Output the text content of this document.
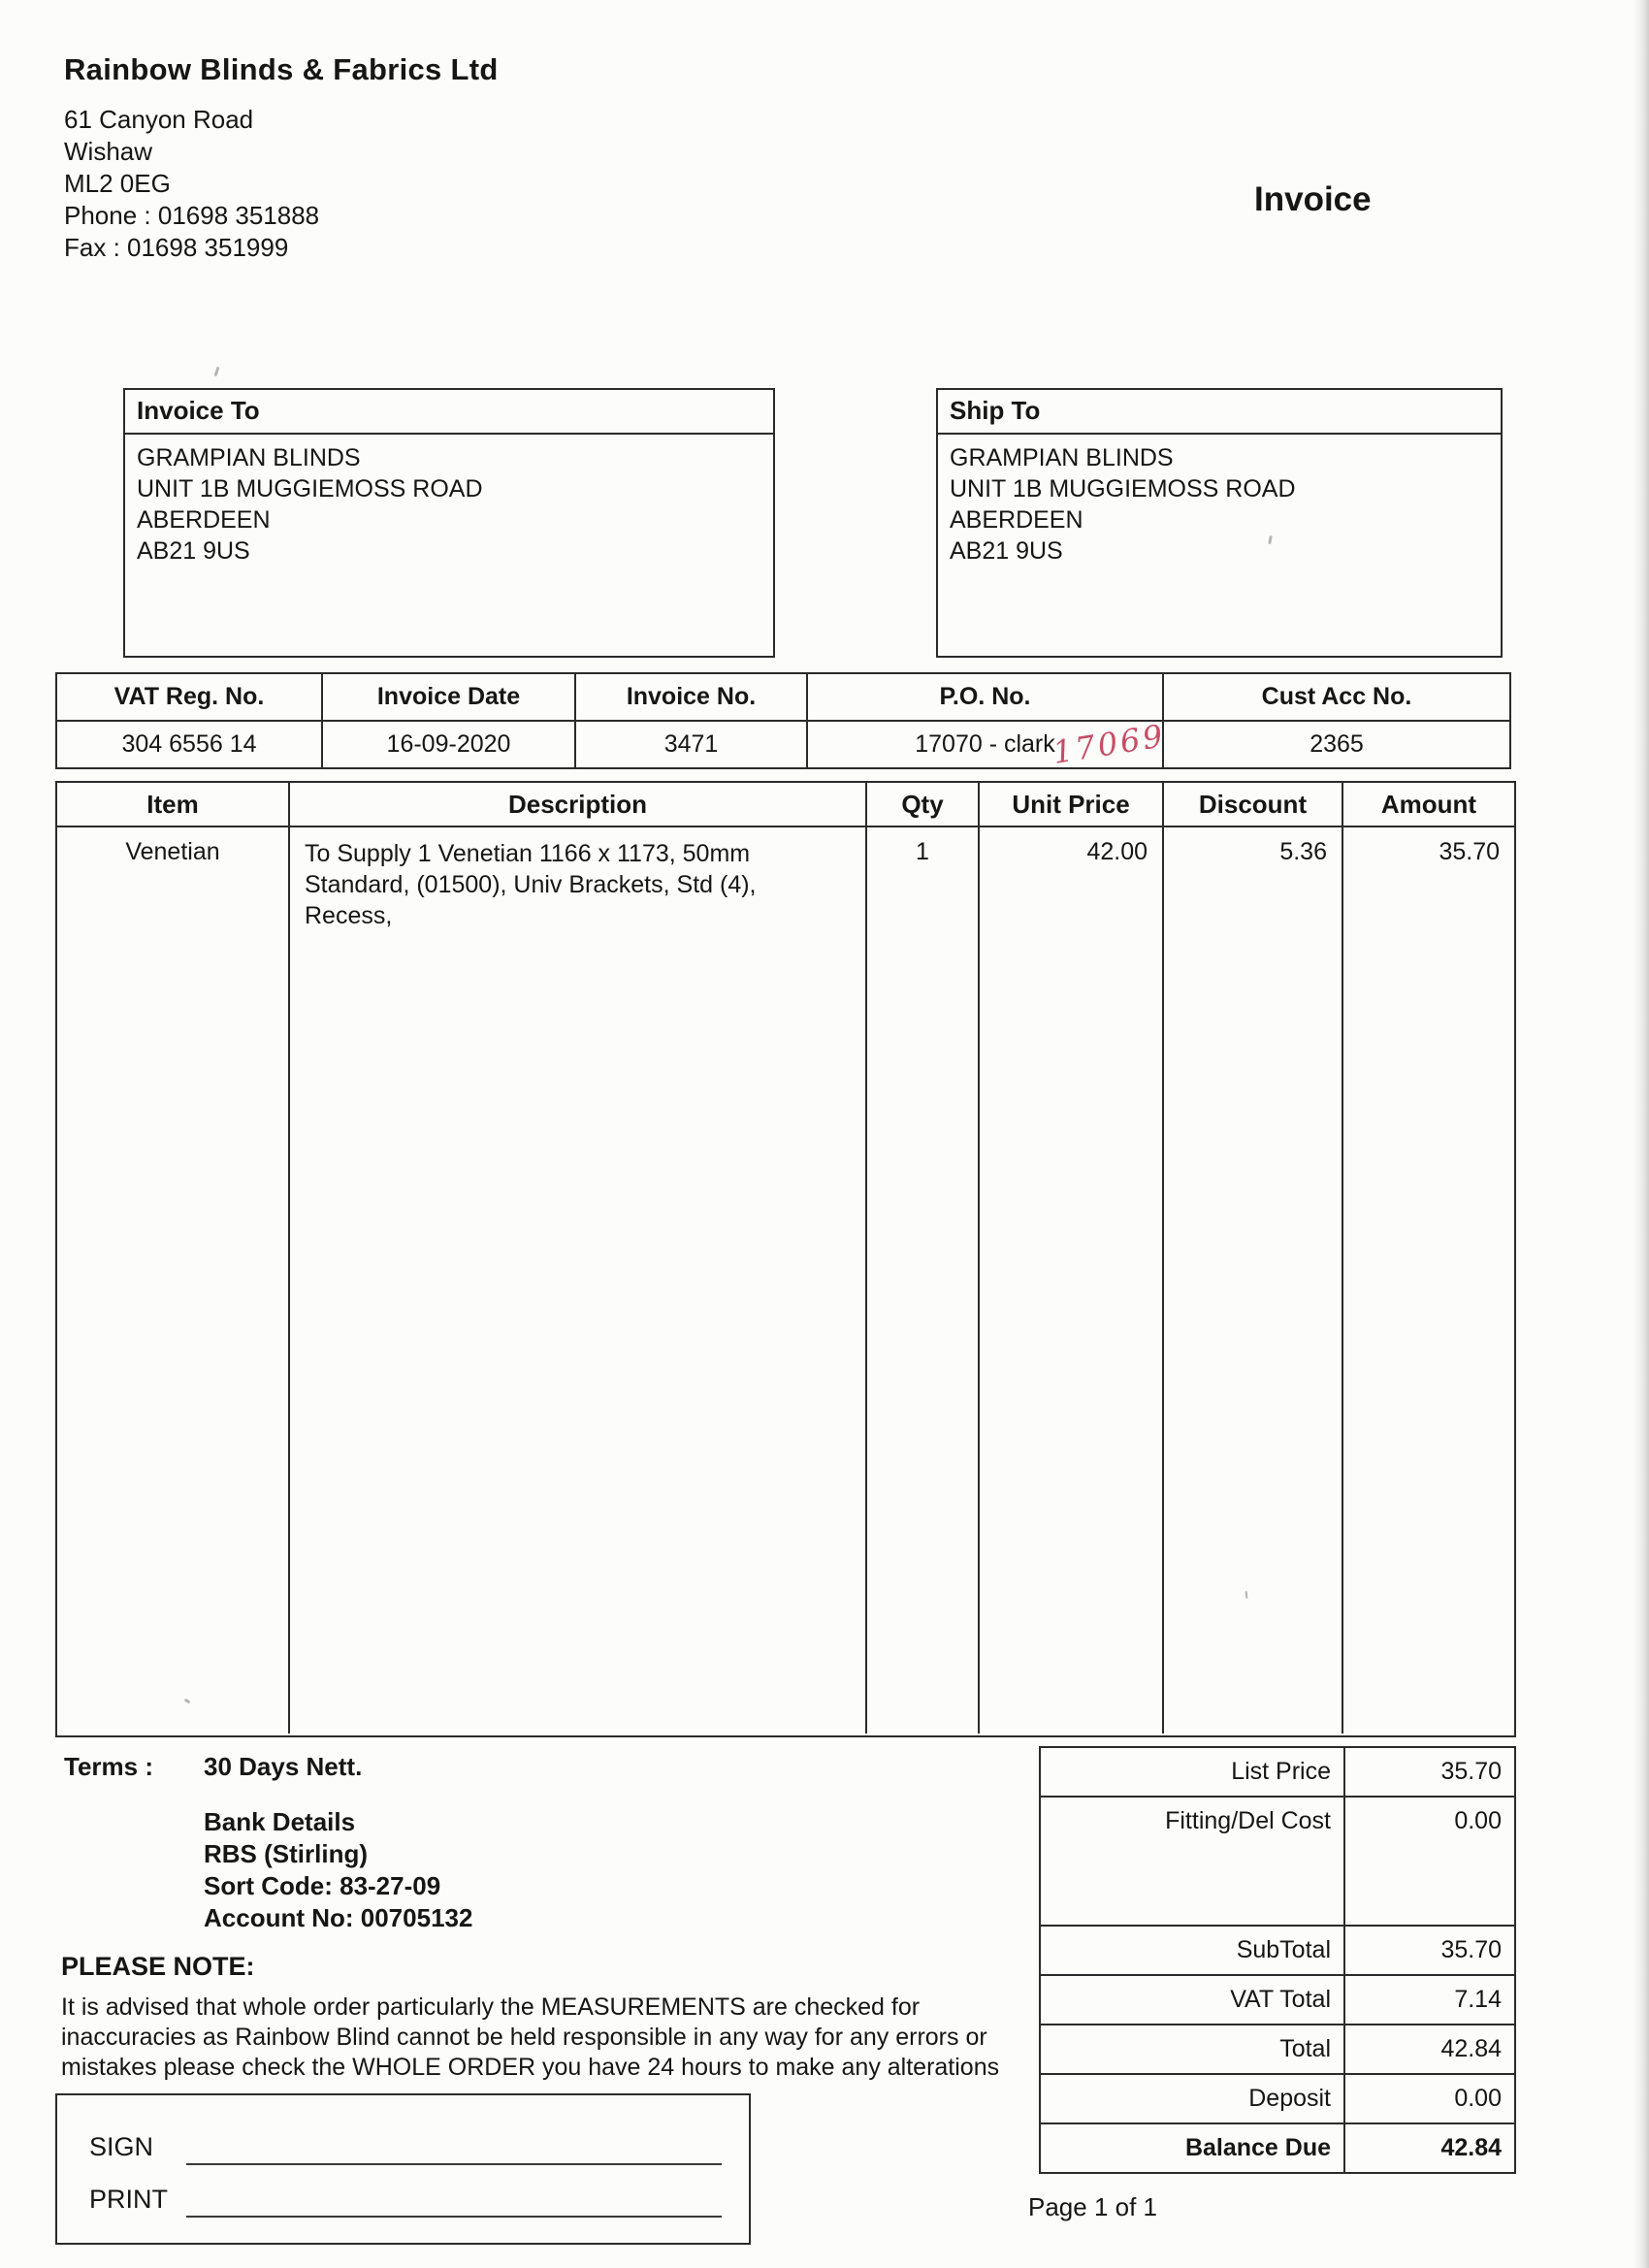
Rainbow Blinds & Fabrics Ltd
61 Canyon Road
Wishaw
ML2 0EG
Phone : 01698 351888
Fax : 01698 351999
Invoice
Invoice To
GRAMPIAN BLINDS
UNIT 1B MUGGIEMOSS ROAD
ABERDEEN
AB21 9US
Ship To
GRAMPIAN BLINDS
UNIT 1B MUGGIEMOSS ROAD
ABERDEEN
AB21 9US
VAT Reg. No.	Invoice Date	Invoice No.	P.O. No.	Cust Acc No.
304 6556 14	16-09-2020	3471	17070 - clark	2365
17069
Item	Description	Qty	Unit Price	Discount	Amount
Venetian	To Supply 1 Venetian 1166 x 1173, 50mm
Standard, (01500), Univ Brackets, Std (4),
Recess,
1	42.00	5.36	35.70
Terms :	30 Days Nett.
Bank Details
RBS (Stirling)
Sort Code: 83-27-09
Account No: 00705132
PLEASE NOTE:
It is advised that whole order particularly the MEASUREMENTS are checked for
inaccuracies as Rainbow Blind cannot be held responsible in any way for any errors or
mistakes please check the WHOLE ORDER you have 24 hours to make any alterations
List Price	35.70
Fitting/Del Cost	0.00
SubTotal	35.70
VAT Total	7.14
Total	42.84
Deposit	0.00
Balance Due	42.84
SIGN
PRINT	Page 1 of 1
